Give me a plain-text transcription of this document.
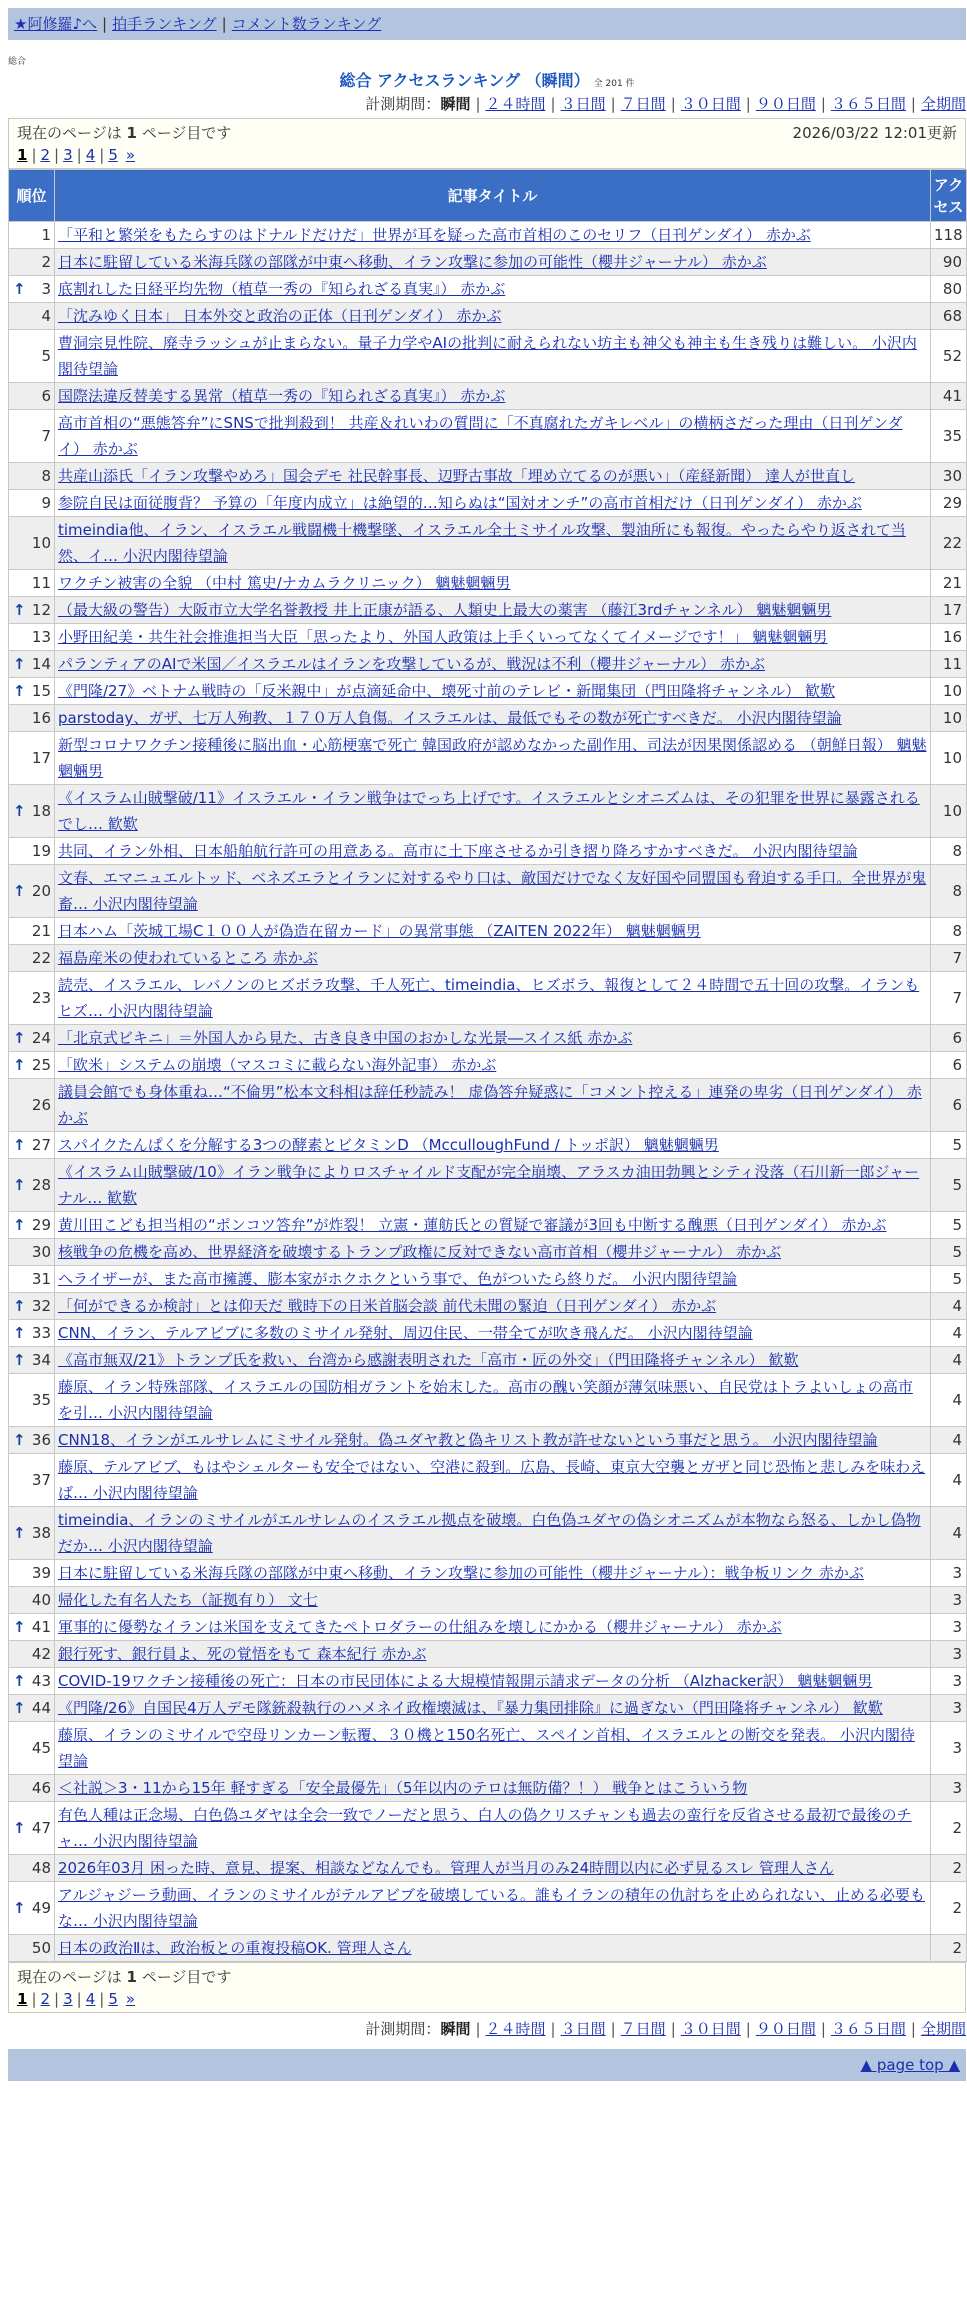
★阿修羅♪へ | 拍手ランキング | コメント数ランキング
総合
総合 アクセスランキング （瞬間） 全 201 件
計測期間：瞬間 | ２４時間 | ３日間 | ７日間 | ３０日間 | ９０日間 | ３６５日間 | 全期間
現在のページは 1 ページ目です	2026/03/22 12:01更新
1 | 2 | 3 | 4 | 5 »
順位	記事タイトル	アクセス
1	「平和と繁栄をもたらすのはドナルドだけだ」世界が耳を疑った高市首相のこのセリフ（日刊ゲンダイ） 赤かぶ	118
2	日本に駐留している米海兵隊の部隊が中東へ移動、イラン攻撃に参加の可能性（櫻井ジャーナル） 赤かぶ	90

↑ 3	底割れした日経平均先物（植草一秀の『知られざる真実』） 赤かぶ	80
4	「沈みゆく日本」 日本外交と政治の正体（日刊ゲンダイ） 赤かぶ	68
5	曹洞宗見性院、廃寺ラッシュが止まらない。量子力学やAIの批判に耐えられない坊主も神父も神主も生き残りは難しい。 小沢内閣待望論	52
6	国際法違反替美する異常（植草一秀の『知られざる真実』） 赤かぶ	41
7	高市首相の“悪態答弁”にSNSで批判殺到！ 共産＆れいわの質問に「不真腐れたガキレベル」の横柄さだった理由（日刊ゲンダイ） 赤かぶ	35
8	共産山添氏「イラン攻撃やめろ」国会デモ 社民幹事長、辺野古事故「埋め立てるのが悪い」（産経新聞） 達人が世直し	30
9	参院自民は面従腹背？ 予算の「年度内成立」は絶望的…知らぬは“国対オンチ”の高市首相だけ（日刊ゲンダイ） 赤かぶ	29
10	timeindia他、イラン、イスラエル戦闘機十機撃墜、イスラエル全土ミサイル攻撃、製油所にも報復。やったらやり返されて当然、イ… 小沢内閣待望論	22
11	ワクチン被害の全貌 （中村 篤史/ナカムラクリニック） 魑魅魍魎男	21

↑ 12	（最大級の警告）大阪市立大学名誉教授 井上正康が語る、人類史上最大の薬害 （藤江3rdチャンネル） 魑魅魍魎男	17
13	小野田紀美・共生社会推進担当大臣「思ったより、外国人政策は上手くいってなくてイメージです！」 魑魅魍魎男	16

↑ 14	パランティアのAIで米国／イスラエルはイランを攻撃しているが、戦況は不利（櫻井ジャーナル） 赤かぶ	11

↑ 15	《門隆/27》ベトナム戦時の「反米親中」が点滴延命中、壊死寸前のテレビ・新聞集団（門田隆将チャンネル） 歓歎	10
16	parstoday、ガザ、七万人殉教、１７０万人負傷。イスラエルは、最低でもその数が死亡すべきだ。 小沢内閣待望論	10
17	新型コロナワクチン接種後に脳出血・心筋梗塞で死亡 韓国政府が認めなかった副作用、司法が因果関係認める （朝鮮日報） 魑魅魍魎男	10

↑ 18	《イスラム山賊撃破/11》イスラエル・イラン戦争はでっち上げです。イスラエルとシオニズムは、その犯罪を世界に暴露されるでし… 歓歎	10
19	共同、イラン外相、日本船舶航行許可の用意ある。高市に土下座させるか引き摺り降ろすかすべきだ。 小沢内閣待望論	8

↑ 20	文春、エマニュエルトッド、ベネズエラとイランに対するやり口は、敵国だけでなく友好国や同盟国も脅迫する手口。全世界が鬼畜… 小沢内閣待望論	8
21	日本ハム「茨城工場C１００人が偽造在留カード」の異常事態 （ZAITEN 2022年） 魑魅魍魎男	8
22	福島産米の使われているところ 赤かぶ	7
23	読売、イスラエル、レバノンのヒズボラ攻撃、千人死亡、timeindia、ヒズボラ、報復として２４時間で五十回の攻撃。イランもヒズ… 小沢内閣待望論	7

↑ 24	「北京式ビキニ」＝外国人から見た、古き良き中国のおかしな光景―スイス紙 赤かぶ	6

↑ 25	「欧米」システムの崩壊（マスコミに載らない海外記事） 赤かぶ	6
26	議員会館でも身体重ね…“不倫男”松本文科相は辞任秒読み！ 虚偽答弁疑惑に「コメント控える」連発の卑劣（日刊ゲンダイ） 赤かぶ	6

↑ 27	スパイクたんぱくを分解する3つの酵素とビタミンD （McculloughFund / トッポ訳） 魑魅魍魎男	5

↑ 28	《イスラム山賊撃破/10》イラン戦争によりロスチャイルド支配が完全崩壊、アラスカ油田勃興とシティ没落（石川新一郎ジャーナル… 歓歎	5

↑ 29	黄川田こども担当相の“ポンコツ答弁”が炸裂！ 立憲・蓮舫氏との質疑で審議が3回も中断する醜悪（日刊ゲンダイ） 赤かぶ	5
30	核戦争の危機を高め、世界経済を破壊するトランプ政権に反対できない高市首相（櫻井ジャーナル） 赤かぶ	5
31	ヘライザーが、また高市擁護、膨本家がホクホクという事で、色がついたら終りだ。 小沢内閣待望論	5

↑ 32	「何ができるか検討」とは仰天だ 戦時下の日米首脳会談 前代未聞の緊迫（日刊ゲンダイ） 赤かぶ	4

↑ 33	CNN、イラン、テルアビブに多数のミサイル発射、周辺住民、一帯全てが吹き飛んだ。 小沢内閣待望論	4

↑ 34	《高市無双/21》トランプ氏を救い、台湾から感謝表明された「高市・匠の外交」（門田隆将チャンネル） 歓歎	4
35	藤原、イラン特殊部隊、イスラエルの国防相ガラントを始末した。高市の醜い笑顔が薄気味悪い、自民党はトラよいしょの高市を引… 小沢内閣待望論	4

↑ 36	CNN18、イランがエルサレムにミサイル発射。偽ユダヤ教と偽キリスト教が許せないという事だと思う。 小沢内閣待望論	4
37	藤原、テルアビブ、もはやシェルターも安全ではない、空港に殺到。広島、長崎、東京大空襲とガザと同じ恐怖と悲しみを味わえば… 小沢内閣待望論	4

↑ 38	timeindia、イランのミサイルがエルサレムのイスラエル拠点を破壊。白色偽ユダヤの偽シオニズムが本物なら怒る、しかし偽物だか… 小沢内閣待望論	4
39	日本に駐留している米海兵隊の部隊が中東へ移動、イラン攻撃に参加の可能性（櫻井ジャーナル）：戦争板リンク 赤かぶ	3
40	帰化した有名人たち（証拠有り） 文七	3

↑ 41	軍事的に優勢なイランは米国を支えてきたペトロダラーの仕組みを壊しにかかる（櫻井ジャーナル） 赤かぶ	3
42	銀行死す、銀行員よ、死の覚悟をもて 森本紀行 赤かぶ	3

↑ 43	COVID-19ワクチン接種後の死亡：日本の市民団体による大規模情報開示請求データの分析 （Alzhacker訳） 魑魅魍魎男	3

↑ 44	《門隆/26》自国民4万人デモ隊銃殺執行のハメネイ政権壊滅は、『暴力集団排除』に過ぎない（門田隆将チャンネル） 歓歎	3
45	藤原、イランのミサイルで空母リンカーン転覆、３０機と150名死亡、スペイン首相、イスラエルとの断交を発表。 小沢内閣待望論	3
46	＜社説＞3・11から15年 軽すぎる「安全最優先」（5年以内のテロは無防備？！） 戦争とはこういう物	3

↑ 47	有色人種は正念場、白色偽ユダヤは全会一致でノーだと思う、白人の偽クリスチャンも過去の蛮行を反省させる最初で最後のチャ… 小沢内閣待望論	2
48	2026年03月 困った時、意見、提案、相談などなんでも。管理人が当月のみ24時間以内に必ず見るスレ 管理人さん	2

↑ 49	アルジャジーラ動画、イランのミサイルがテルアビブを破壊している。誰もイランの積年の仇討ちを止められない、止める必要もな… 小沢内閣待望論	2
50	日本の政治Ⅱは、政治板との重複投稿OK. 管理人さん	2
現在のページは 1 ページ目です
1 | 2 | 3 | 4 | 5 »
計測期間：瞬間 | ２４時間 | ３日間 | ７日間 | ３０日間 | ９０日間 | ３６５日間 | 全期間
▲ page top ▲
